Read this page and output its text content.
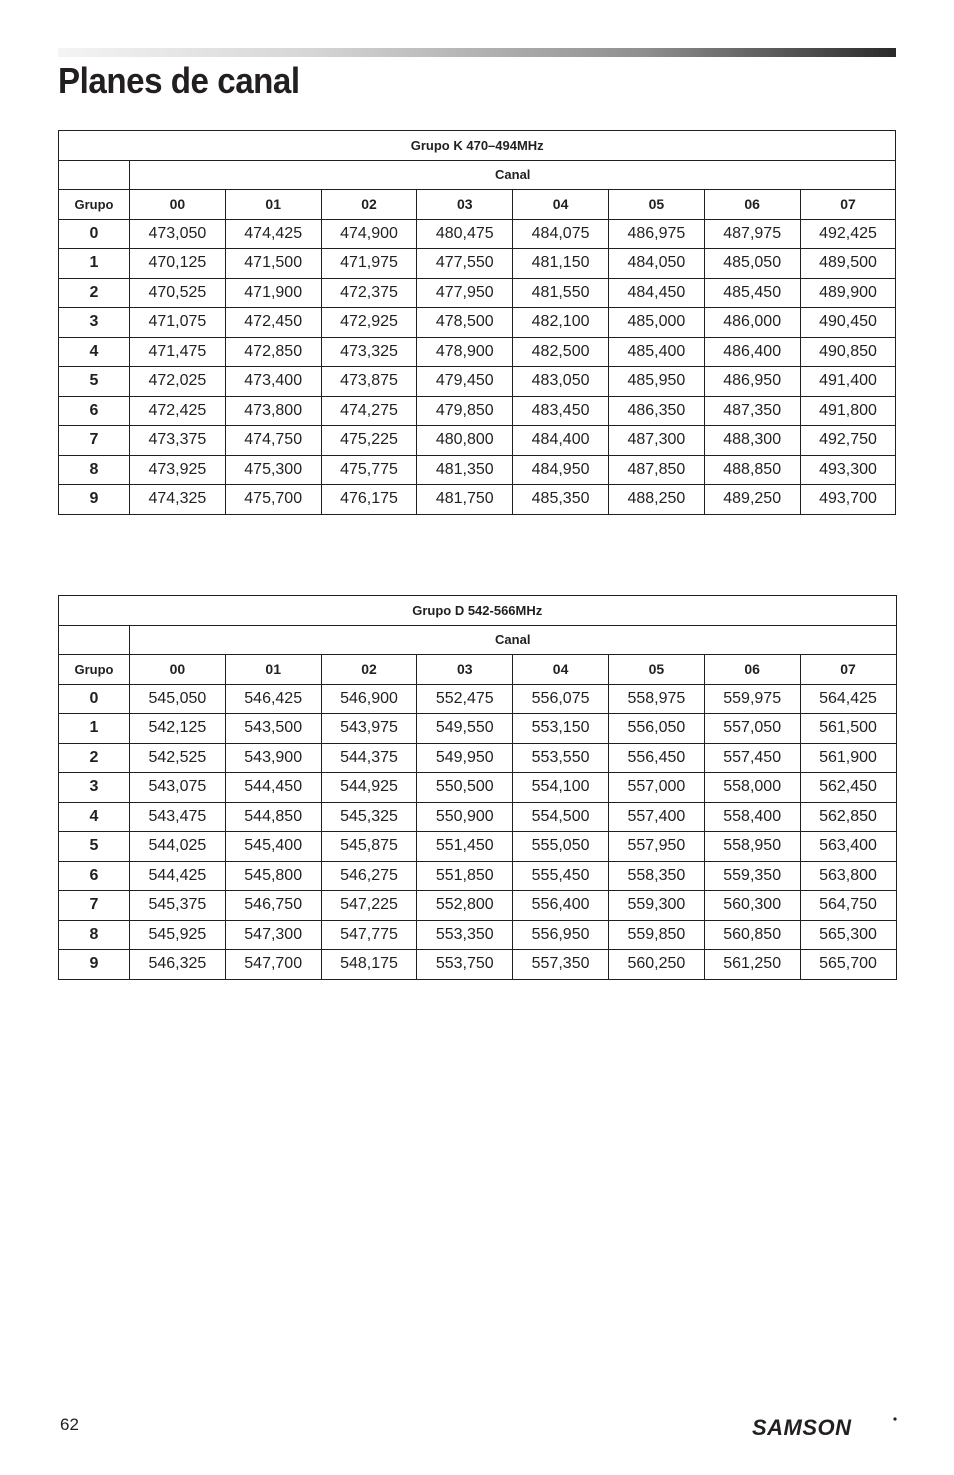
Planes de canal
Grupo K 470–494MHz								
	Canal							
Grupo	00	01	02	03	04	05	06	07
0	473,050	474,425	474,900	480,475	484,075	486,975	487,975	492,425
1	470,125	471,500	471,975	477,550	481,150	484,050	485,050	489,500
2	470,525	471,900	472,375	477,950	481,550	484,450	485,450	489,900
3	471,075	472,450	472,925	478,500	482,100	485,000	486,000	490,450
4	471,475	472,850	473,325	478,900	482,500	485,400	486,400	490,850
5	472,025	473,400	473,875	479,450	483,050	485,950	486,950	491,400
6	472,425	473,800	474,275	479,850	483,450	486,350	487,350	491,800
7	473,375	474,750	475,225	480,800	484,400	487,300	488,300	492,750
8	473,925	475,300	475,775	481,350	484,950	487,850	488,850	493,300
9	474,325	475,700	476,175	481,750	485,350	488,250	489,250	493,700
Grupo D 542-566MHz								
	Canal							
Grupo	00	01	02	03	04	05	06	07
0	545,050	546,425	546,900	552,475	556,075	558,975	559,975	564,425
1	542,125	543,500	543,975	549,550	553,150	556,050	557,050	561,500
2	542,525	543,900	544,375	549,950	553,550	556,450	557,450	561,900
3	543,075	544,450	544,925	550,500	554,100	557,000	558,000	562,450
4	543,475	544,850	545,325	550,900	554,500	557,400	558,400	562,850
5	544,025	545,400	545,875	551,450	555,050	557,950	558,950	563,400
6	544,425	545,800	546,275	551,850	555,450	558,350	559,350	563,800
7	545,375	546,750	547,225	552,800	556,400	559,300	560,300	564,750
8	545,925	547,300	547,775	553,350	556,950	559,850	560,850	565,300
9	546,325	547,700	548,175	553,750	557,350	560,250	561,250	565,700
62	SAMSON
